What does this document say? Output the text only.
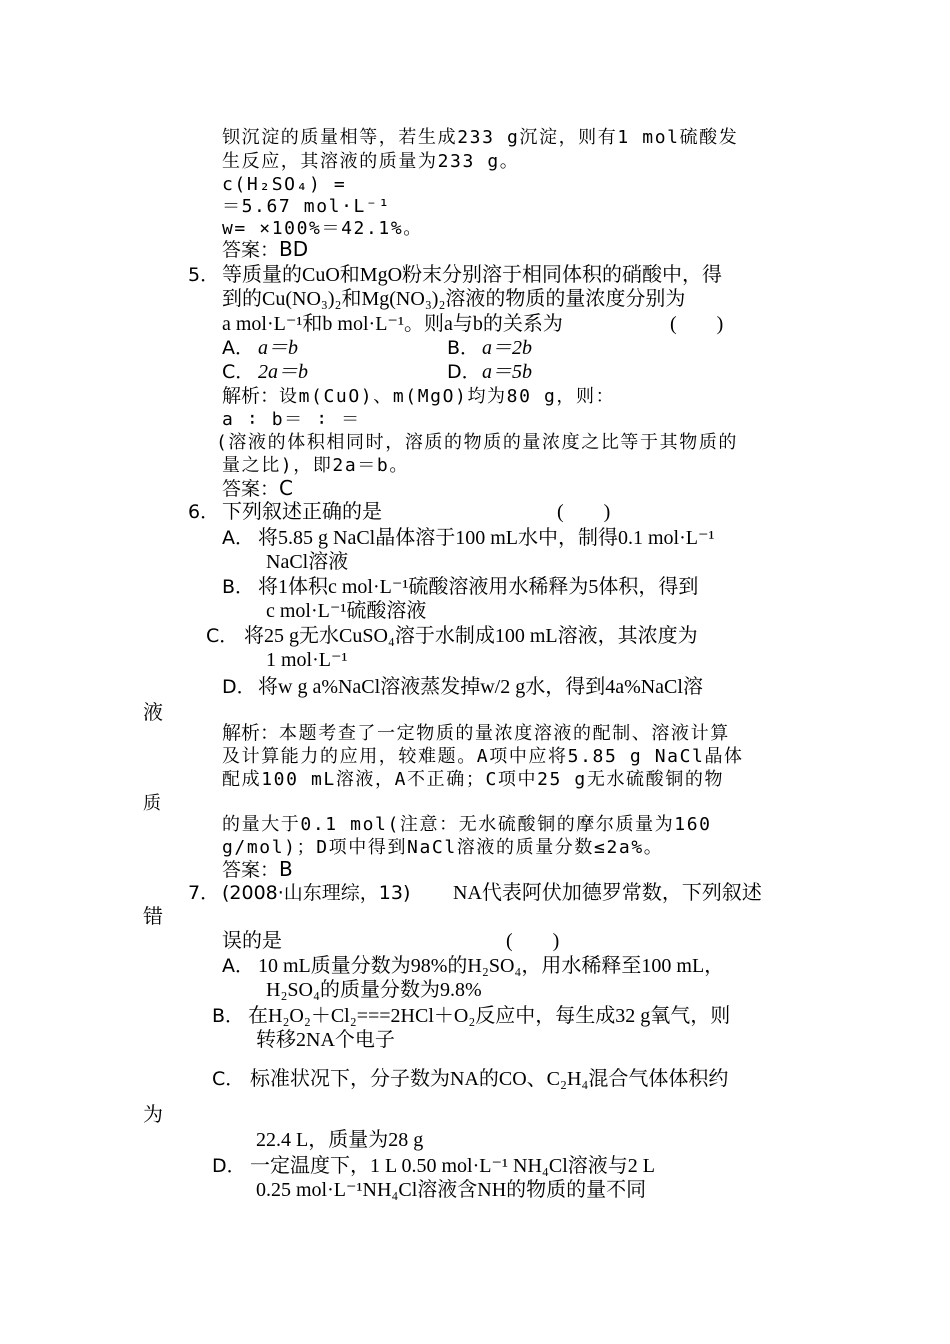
钡沉淀的质量相等，若生成233 g沉淀，则有1 mol硫酸发
生反应，其溶液的质量为233 g。
c(H₂SO₄) =
＝5.67 mol·L⁻¹
w= ×100%＝42.1%。
答案：BD
5． 等质量的CuO和MgO粉末分别溶于相同体积的硝酸中，得
到的Cu(NO₃)₂和Mg(NO₃)₂溶液的物质的量浓度分别为
a mol·L⁻¹和b mol·L⁻¹。则a与b的关系为	(　　)
A． a＝b	B． a＝2b
C． 2a＝b	D． a＝5b
解析：设m(CuO)、m(MgO)均为80 g，则：
a ∶ b＝ ∶ ＝
(溶液的体积相同时，溶质的物质的量浓度之比等于其物质的
量之比)，即2a＝b。
答案：C
6． 下列叙述正确的是	(　　)
A． 将5.85 g NaCl晶体溶于100 mL水中，制得0.1 mol·L⁻¹
NaCl溶液
B． 将1体积c mol·L⁻¹硫酸溶液用水稀释为5体积，得到
c mol·L⁻¹硫酸溶液
C． 将25 g无水CuSO₄溶于水制成100 mL溶液，其浓度为
1 mol·L⁻¹
D． 将w g a%NaCl溶液蒸发掉w/2 g水，得到4a%NaCl溶
液
解析：本题考查了一定物质的量浓度溶液的配制、溶液计算
及计算能力的应用，较难题。A项中应将5.85 g NaCl晶体
配成100 mL溶液，A不正确；C项中25 g无水硫酸铜的物
质
的量大于0.1 mol(注意：无水硫酸铜的摩尔质量为160
g/mol)；D项中得到NaCl溶液的质量分数≤2a%。
答案：B
7． (2008·山东理综，13) NA代表阿伏加德罗常数，下列叙述
错
误的是	(　　)
A． 10 mL质量分数为98%的H₂SO₄，用水稀释至100 mL，
H₂SO₄的质量分数为9.8%
B． 在H₂O₂＋Cl₂===2HCl＋O₂反应中，每生成32 g氧气，则
转移2NA个电子
C． 标准状况下，分子数为NA的CO、C₂H₄混合气体体积约
为
22.4 L，质量为28 g
D． 一定温度下，1 L 0.50 mol·L⁻¹ NH₄Cl溶液与2 L
0.25 mol·L⁻¹NH₄Cl溶液含NH的物质的量不同
